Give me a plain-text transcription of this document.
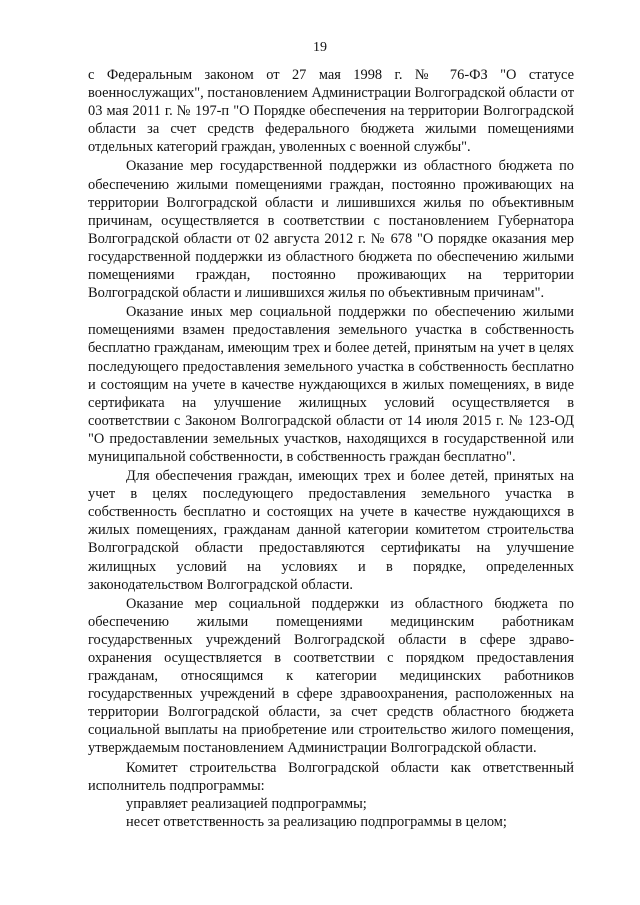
19

с Федеральным законом от 27 мая 1998 г. № 76-ФЗ "О статусе военнослужащих", постановлением Администрации Волгоградской области от 03 мая 2011 г. № 197-п "О Порядке обеспечения на территории Волгоградской области за счет средств федерального бюджета жилыми помещениями отдельных категорий граждан, уволенных с военной службы".

Оказание мер государственной поддержки из областного бюджета по обеспечению жилыми помещениями граждан, постоянно проживающих на территории Волгоградской области и лишившихся жилья по объективным причинам, осуществляется в соответствии с постановлением Губернатора Волгоградской области от 02 августа 2012 г. № 678 "О порядке оказания мер государственной поддержки из областного бюджета по обеспечению жилыми помещениями граждан, постоянно проживающих на территории Волгоградской области и лишившихся жилья по объективным причинам".

Оказание иных мер социальной поддержки по обеспечению жилыми помещениями взамен предоставления земельного участка в собственность бесплатно гражданам, имеющим трех и более детей, принятым на учет в целях последующего предоставления земельного участка в собственность бесплатно и состоящим на учете в качестве нуждающихся в жилых помещениях, в виде сертификата на улучшение жилищных условий осуществляется в соответствии с Законом Волгоградской области от 14 июля 2015 г. № 123-ОД "О предоставлении земельных участков, находящихся в государственной или муниципальной собственности, в собственность граждан бесплатно".

Для обеспечения граждан, имеющих трех и более детей, принятых на учет в целях последующего предоставления земельного участка в собственность бесплатно и состоящих на учете в качестве нуждающихся в жилых помещениях, гражданам данной категории комитетом строительства Волгоградской области предоставляются сертификаты на улучшение жилищных условий на условиях и в порядке, определенных законодательством Волгоградской области.

Оказание мер социальной поддержки из областного бюджета по обеспечению жилыми помещениями медицинским работникам государственных учреждений Волгоградской области в сфере здраво-охранения осуществляется в соответствии с порядком предоставления гражданам, относящимся к категории медицинских работников государственных учреждений в сфере здравоохранения, расположенных на территории Волгоградской области, за счет средств областного бюджета социальной выплаты на приобретение или строительство жилого помещения, утверждаемым постановлением Администрации Волгоградской области.

Комитет строительства Волгоградской области как ответственный исполнитель подпрограммы:

управляет реализацией подпрограммы;

несет ответственность за реализацию подпрограммы в целом;
